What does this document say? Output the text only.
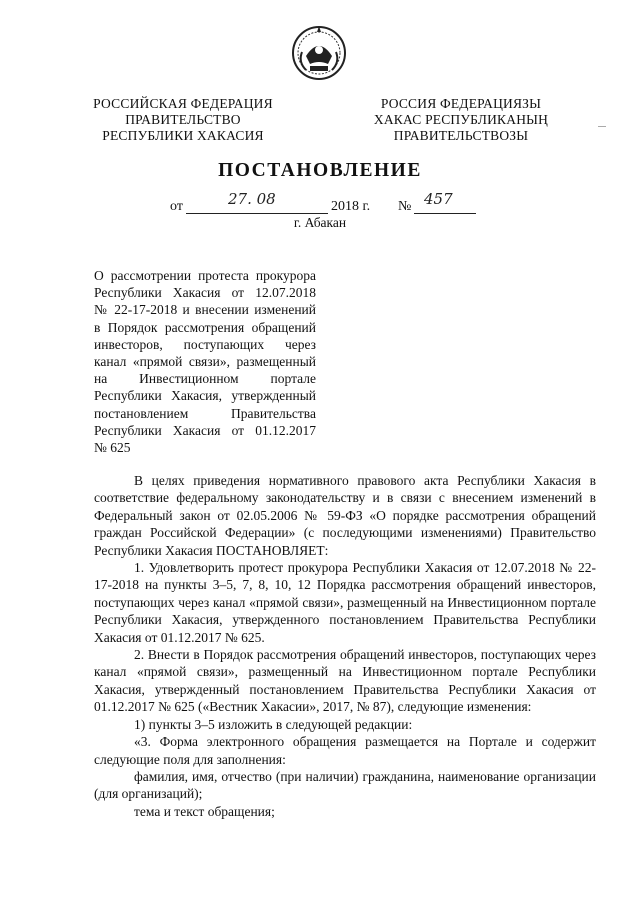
РОССИЙСКАЯ ФЕДЕРАЦИЯ
ПРАВИТЕЛЬСТВО
РЕСПУБЛИКИ ХАКАСИЯ
РОССИЯ ФЕДЕРАЦИЯЗЫ
ХАКАС РЕСПУБЛИКАНЫҢ
ПРАВИТЕЛЬСТВОЗЫ
ПОСТАНОВЛЕНИЕ
от	27. 08	2018 г. № 457
г. Абакан
О рассмотрении протеста прокурора
Республики Хакасия от 12.07.2018
№ 22-17-2018 и внесении изменений
в Порядок рассмотрения обращений
инвесторов, поступающих через
канал «прямой связи», размещенный
на Инвестиционном портале
Республики Хакасия, утвержденный
постановлением Правительства
Республики Хакасия от 01.12.2017
№ 625

В целях приведения нормативного правового акта Республики Хакасия в соответствие федеральному законодательству и в связи с внесением изменений в Федеральный закон от 02.05.2006 № 59-ФЗ «О порядке рассмотрения обращений граждан Российской Федерации» (с последующими изменениями) Правительство Республики Хакасия ПОСТАНОВЛЯЕТ:

1. Удовлетворить протест прокурора Республики Хакасия от 12.07.2018 № 22-17-2018 на пункты 3–5, 7, 8, 10, 12 Порядка рассмотрения обращений инвесторов, поступающих через канал «прямой связи», размещенный на Инвестиционном портале Республики Хакасия, утвержденного постановлением Правительства Республики Хакасия от 01.12.2017 № 625.

2. Внести в Порядок рассмотрения обращений инвесторов, поступающих через канал «прямой связи», размещенный на Инвестиционном портале Республики Хакасия, утвержденный постановлением Правительства Республики Хакасия от 01.12.2017 № 625 («Вестник Хакасии», 2017, № 87), следующие изменения:

1) пункты 3–5 изложить в следующей редакции:

«3. Форма электронного обращения размещается на Портале и содержит следующие поля для заполнения:

фамилия, имя, отчество (при наличии) гражданина, наименование организации (для организаций);

тема и текст обращения;
